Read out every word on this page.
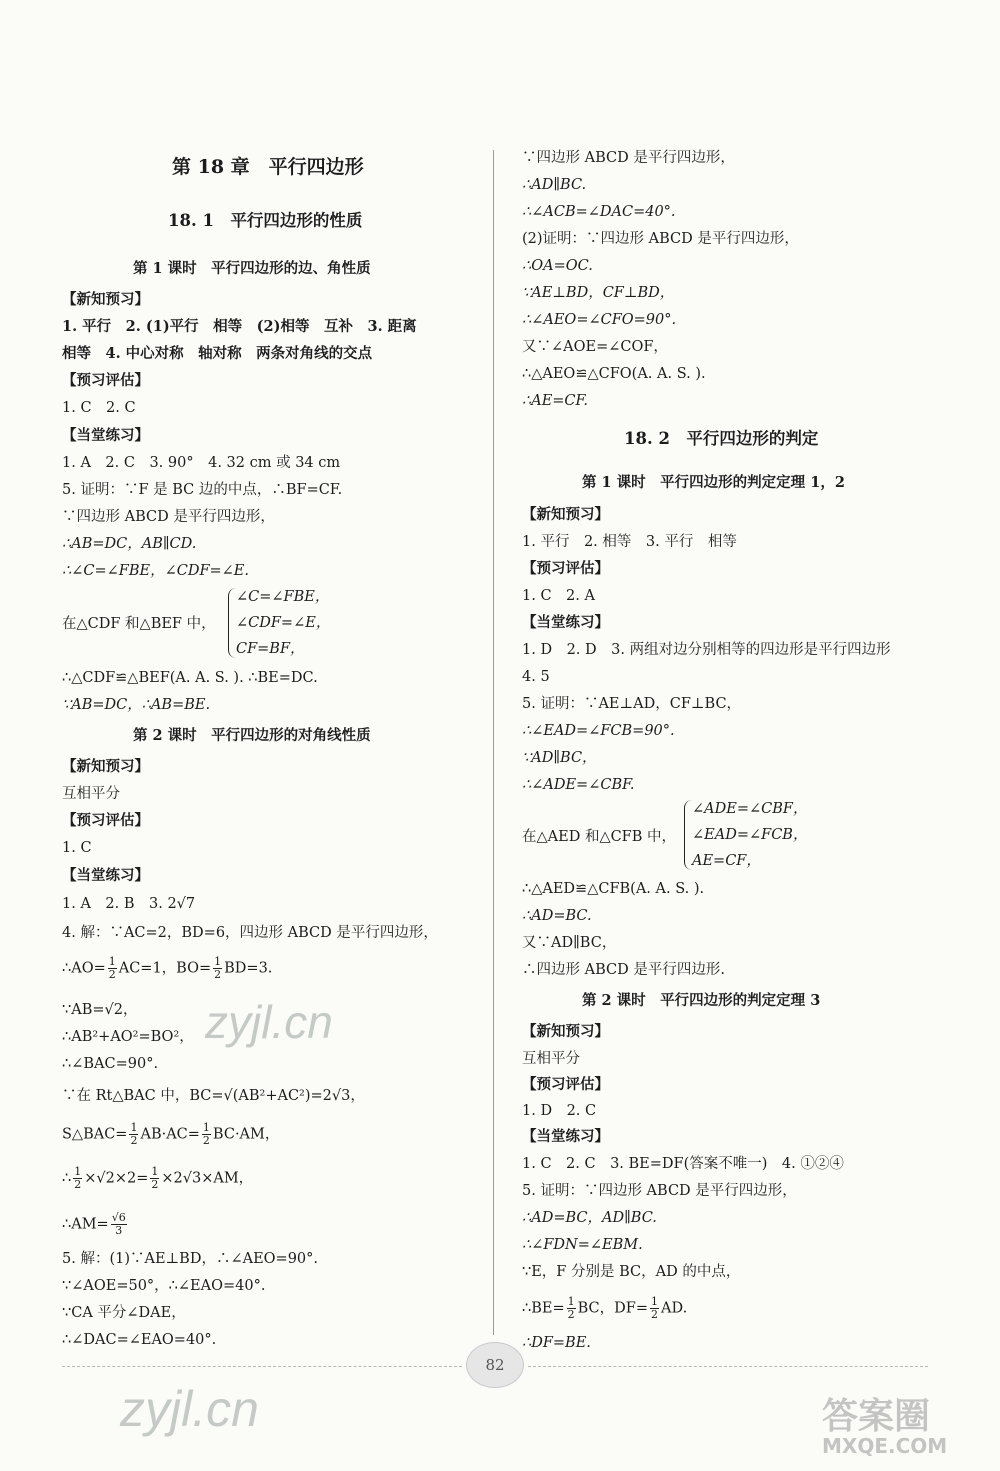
第 18 章　平行四边形
18. 1　平行四边形的性质
第 1 课时　平行四边形的边、角性质
【新知预习】
1. 平行　2. (1)平行　相等　(2)相等　互补　3. 距离
相等　4. 中心对称　轴对称　两条对角线的交点
【预习评估】
1. C　2. C
【当堂练习】
1. A　2. C　3. 90°　4. 32 cm 或 34 cm
5. 证明：∵F 是 BC 边的中点，∴BF=CF.
∵四边形 ABCD 是平行四边形，
∴AB=DC，AB∥CD.
∴∠C=∠FBE，∠CDF=∠E.
在△CDF 和△BEF 中，
∠C=∠FBE，
∠CDF=∠E，
CF=BF，
∴△CDF≌△BEF(A. A. S. ). ∴BE=DC.
∵AB=DC，∴AB=BE.
第 2 课时　平行四边形的对角线性质
【新知预习】
互相平分
【预习评估】
1. C
【当堂练习】
1. A　2. B　3. 2√7
4. 解：∵AC=2，BD=6，四边形 ABCD 是平行四边形，
∴AO= $\frac{1}{2} AC=1$，$BO= \frac{1}{2} BD=3$.
∵AB=√2，
∴AB²+AO²=BO²，
∴∠BAC=90°.
∵在 Rt△BAC 中，BC=√(AB²+AC²)=2√3，
S△BAC= $\frac{1}{2} AB\cdot AC= \frac{1}{2} BC\cdot AM$，
∴ $\frac{1}{2} \times√2\times 2= \frac{1}{2} \times 2√3\times AM$，
∴AM= $\frac{√6}{3}$
5. 解：(1)∵AE⊥BD，∴∠AEO=90°.
∵∠AOE=50°，∴∠EAO=40°.
∵CA 平分∠DAE，
∴∠DAC=∠EAO=40°.
∵四边形 ABCD 是平行四边形，
∴AD∥BC.
∴∠ACB=∠DAC=40°.
(2)证明：∵四边形 ABCD 是平行四边形，
∴OA=OC.
∵AE⊥BD，CF⊥BD，
∴∠AEO=∠CFO=90°.
又∵∠AOE=∠COF，
∴△AEO≌△CFO(A. A. S. ).
∴AE=CF.
18. 2　平行四边形的判定
第 1 课时　平行四边形的判定定理 1，2
【新知预习】
1. 平行　2. 相等　3. 平行　相等
【预习评估】
1. C　2. A
【当堂练习】
1. D　2. D　3. 两组对边分别相等的四边形是平行四边形
4. 5
5. 证明：∵AE⊥AD，CF⊥BC，
∴∠EAD=∠FCB=90°.
∵AD∥BC，
∴∠ADE=∠CBF.
在△AED 和△CFB 中，
∠ADE=∠CBF，
∠EAD=∠FCB，
AE=CF，
∴△AED≌△CFB(A. A. S. ).
∴AD=BC.
又∵AD∥BC，
∴四边形 ABCD 是平行四边形.
第 2 课时　平行四边形的判定定理 3
【新知预习】
互相平分
【预习评估】
1. D　2. C
【当堂练习】
1. C　2. C　3. BE=DF(答案不唯一)　4. ①②④
5. 证明：∵四边形 ABCD 是平行四边形，
∴AD=BC，AD∥BC.
∴∠FDN=∠EBM.
∵E，F 分别是 BC，AD 的中点，
∴BE= $\frac{1}{2}$ BC，$DF= \frac{1}{2}$ AD.
∴DF=BE.
82
zyjl.cn
zyjl.cn	答案圈
MXQE.COM
